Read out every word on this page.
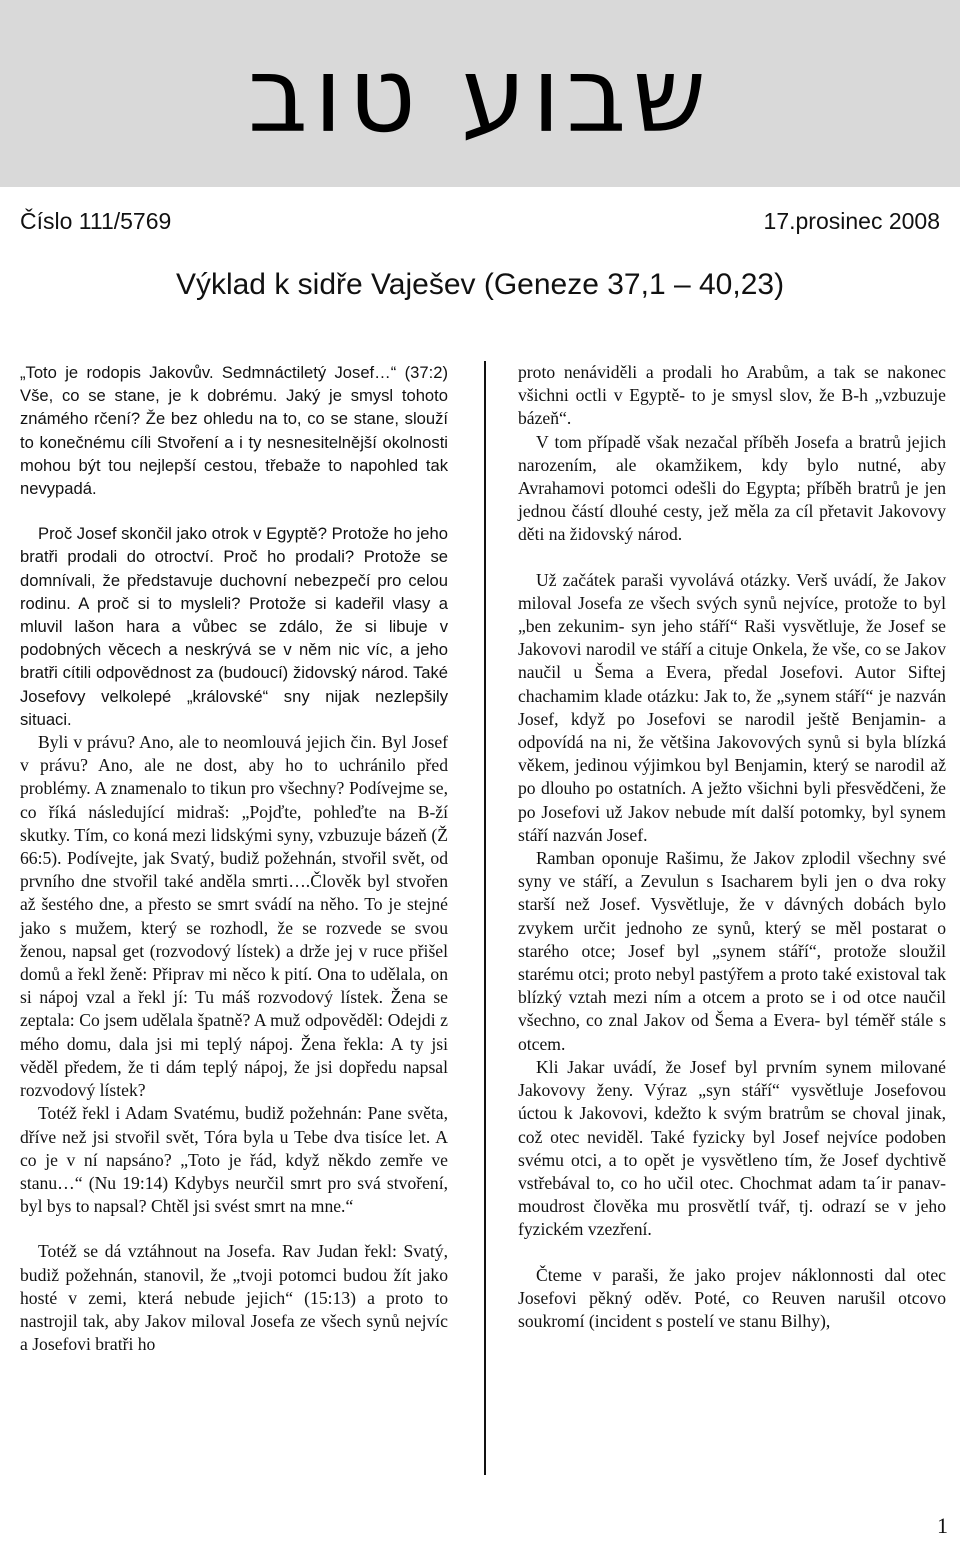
שבוע טוב
Číslo 111/5769	17.prosinec 2008
Výklad k sidře Vaješev (Geneze 37,1 – 40,23)

„Toto je rodopis Jakovův. Sedmnáctiletý Josef…“ (37:2) Vše, co se stane, je k dobrému. Jaký je smysl tohoto známého rčení? Že bez ohledu na to, co se stane, slouží to konečnému cíli Stvoření a i ty nesnesitelnější okolnosti mohou být tou nejlepší cestou, třebaže to napohled tak nevypadá.

Proč Josef skončil jako otrok v Egyptě? Protože ho jeho bratři prodali do otroctví. Proč ho prodali? Protože se domnívali, že představuje duchovní nebezpečí pro celou rodinu. A proč si to mysleli? Protože si kadeřil vlasy a mluvil lašon hara a vůbec se zdálo, že si libuje v podobných věcech a neskrývá se v něm nic víc, a jeho bratři cítili odpovědnost za (budoucí) židovský národ. Také Josefovy velkolepé „královské“ sny nijak nezlepšily situaci.

Byli v právu? Ano, ale to neomlouvá jejich čin. Byl Josef v právu? Ano, ale ne dost, aby ho to uchránilo před problémy. A znamenalo to tikun pro všechny? Podívejme se, co říká následující midraš: „Pojďte, pohleďte na B-ží skutky. Tím, co koná mezi lidskými syny, vzbuzuje bázeň (Ž 66:5). Podívejte, jak Svatý, budiž požehnán, stvořil svět, od prvního dne stvořil také anděla smrti….Člověk byl stvořen až šestého dne, a přesto se smrt svádí na něho. To je stejné jako s mužem, který se rozhodl, že se rozvede se svou ženou, napsal get (rozvodový lístek) a drže jej v ruce přišel domů a řekl ženě: Připrav mi něco k pití. Ona to udělala, on si nápoj vzal a řekl jí: Tu máš rozvodový lístek. Žena se zeptala: Co jsem udělala špatně? A muž odpověděl: Odejdi z mého domu, dala jsi mi teplý nápoj. Žena řekla: A ty jsi věděl předem, že ti dám teplý nápoj, že jsi dopředu napsal rozvodový lístek?

Totéž řekl i Adam Svatému, budiž požehnán: Pane světa, dříve než jsi stvořil svět, Tóra byla u Tebe dva tisíce let. A co je v ní napsáno? „Toto je řád, když někdo zemře ve stanu…“ (Nu 19:14) Kdybys neurčil smrt pro svá stvoření, byl bys to napsal? Chtěl jsi svést smrt na mne.“

Totéž se dá vztáhnout na Josefa. Rav Judan řekl: Svatý, budiž požehnán, stanovil, že „tvoji potomci budou žít jako hosté v zemi, která nebude jejich“ (15:13) a proto to nastrojil tak, aby Jakov miloval Josefa ze všech synů nejvíc a Josefovi bratři ho

proto nenáviděli a prodali ho Arabům, a tak se nakonec všichni octli v Egyptě- to je smysl slov, že B-h „vzbuzuje bázeň“.

V tom případě však nezačal příběh Josefa a bratrů jejich narozením, ale okamžikem, kdy bylo nutné, aby Avrahamovi potomci odešli do Egypta; příběh bratrů je jen jednou částí dlouhé cesty, jež měla za cíl přetavit Jakovovy děti na židovský národ.

Už začátek paraši vyvolává otázky. Verš uvádí, že Jakov miloval Josefa ze všech svých synů nejvíce, protože to byl „ben zekunim- syn jeho stáří“ Raši vysvětluje, že Josef se Jakovovi narodil ve stáří a cituje Onkela, že vše, co se Jakov naučil u Šema a Evera, předal Josefovi. Autor Siftej chachamim klade otázku: Jak to, že „synem stáří“ je nazván Josef, když po Josefovi se narodil ještě Benjamin- a odpovídá na ni, že většina Jakovových synů si byla blízká věkem, jedinou výjimkou byl Benjamin, který se narodil až po dlouho po ostatních. A ježto všichni byli přesvědčeni, že po Josefovi už Jakov nebude mít další potomky, byl synem stáří nazván Josef.

Ramban oponuje Rašimu, že Jakov zplodil všechny své syny ve stáří, a Zevulun s Isacharem byli jen o dva roky starší než Josef. Vysvětluje, že v dávných dobách bylo zvykem určit jednoho ze synů, který se měl postarat o starého otce; Josef byl „synem stáří“, protože sloužil starému otci; proto nebyl pastýřem a proto také existoval tak blízký vztah mezi ním a otcem a proto se i od otce naučil všechno, co znal Jakov od Šema a Evera- byl téměř stále s otcem.

Kli Jakar uvádí, že Josef byl prvním synem milované Jakovovy ženy. Výraz „syn stáří“ vysvětluje Josefovou úctou k Jakovovi, kdežto k svým bratrům se choval jinak, což otec neviděl. Také fyzicky byl Josef nejvíce podoben svému otci, a to opět je vysvětleno tím, že Josef dychtivě vstřebával to, co ho učil otec. Chochmat adam ta´ir panav- moudrost člověka mu prosvětlí tvář, tj. odrazí se v jeho fyzickém vzezření.

Čteme v paraši, že jako projev náklonnosti dal otec Josefovi pěkný oděv. Poté, co Reuven narušil otcovo soukromí (incident s postelí ve stanu Bilhy),

1
